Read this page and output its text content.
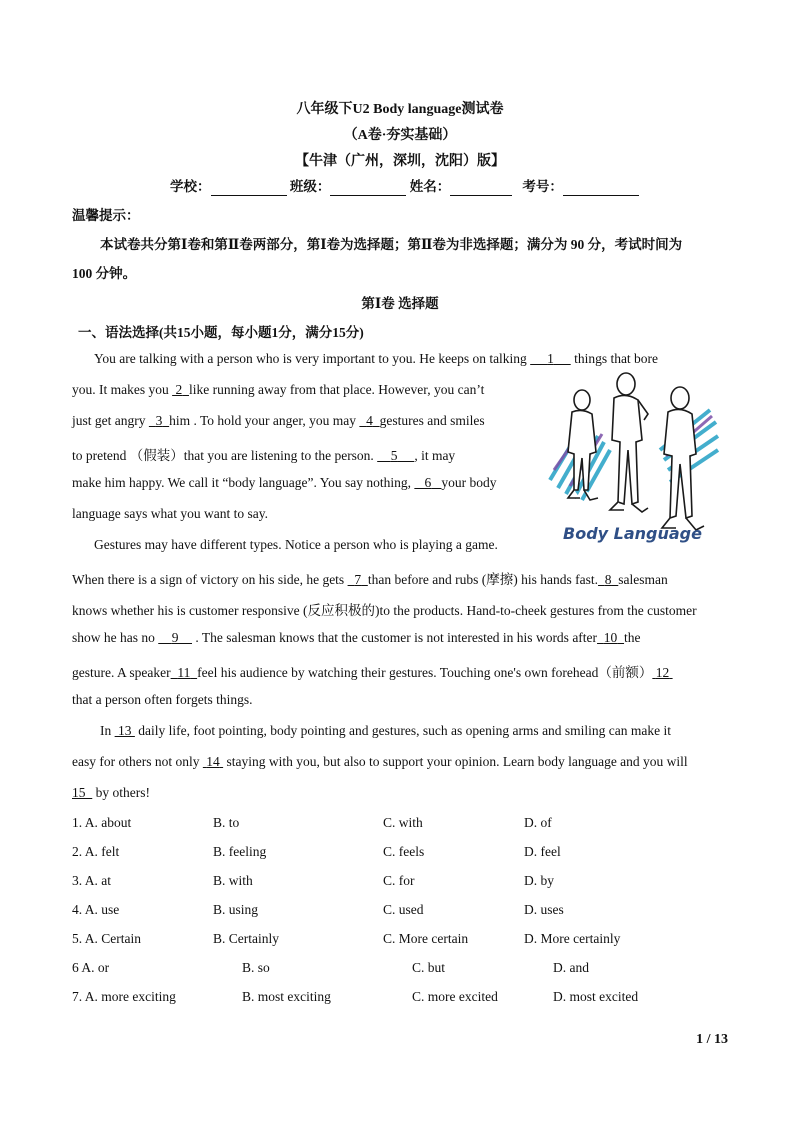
八年级下U2 Body language测试卷
（A卷·夯实基础）
【牛津（广州，深圳，沈阳）版】
学校：	班级：	姓名：	考号：
温馨提示：
本试卷共分第Ⅰ卷和第Ⅱ卷两部分，第Ⅰ卷为选择题；第Ⅱ卷为非选择题；满分为 90 分，考试时间为
100 分钟。
第Ⅰ卷 选择题
一、语法选择(共15小题，每小题1分，满分15分)
You are talking with a person who is very important to you. He keeps on talking      1      things that bore
you. It makes you  2 like running away from that place. However, you can’t
just get angry   3 him . To hold your anger, you may   4 gestures and smiles
to pretend （假装）that you are listening to the person.     5 , it may
make him happy. We call it “body language”. You say nothing,    6 your body
language says what you want to say.
Body Language
Gestures may have different types. Notice a person who is playing a game.
When there is a sign of victory on his side, he gets   7 than before and rubs (摩擦) his hands fast. 8 salesman
knows whether his is customer responsive (反应积极的)to the products. Hand-to-cheek gestures from the customer
show he has no     9     . The salesman knows that the customer is not interested in his words after 10 the
gesture. A speaker 11 feel his audience by watching their gestures. Touching one's own forehead（前额） 12
that a person often forgets things.
In  13  daily life, foot pointing, body pointing and gestures, such as opening arms and smiling can make it
easy for others not only  14  staying with you, but also to support your opinion. Learn body language and you will
15   by others!
1. A. about	B. to	C. with	D. of
2. A. felt	B. feeling	C. feels	D. feel
3. A. at	B. with	C. for	D. by
4. A. use	B. using	C. used	D. uses
5. A. Certain	B. Certainly	C. More certain	D. More certainly
6 A. or	B. so	C. but	D. and
7. A. more exciting	B. most exciting	C. more excited	D. most excited
1 / 13
